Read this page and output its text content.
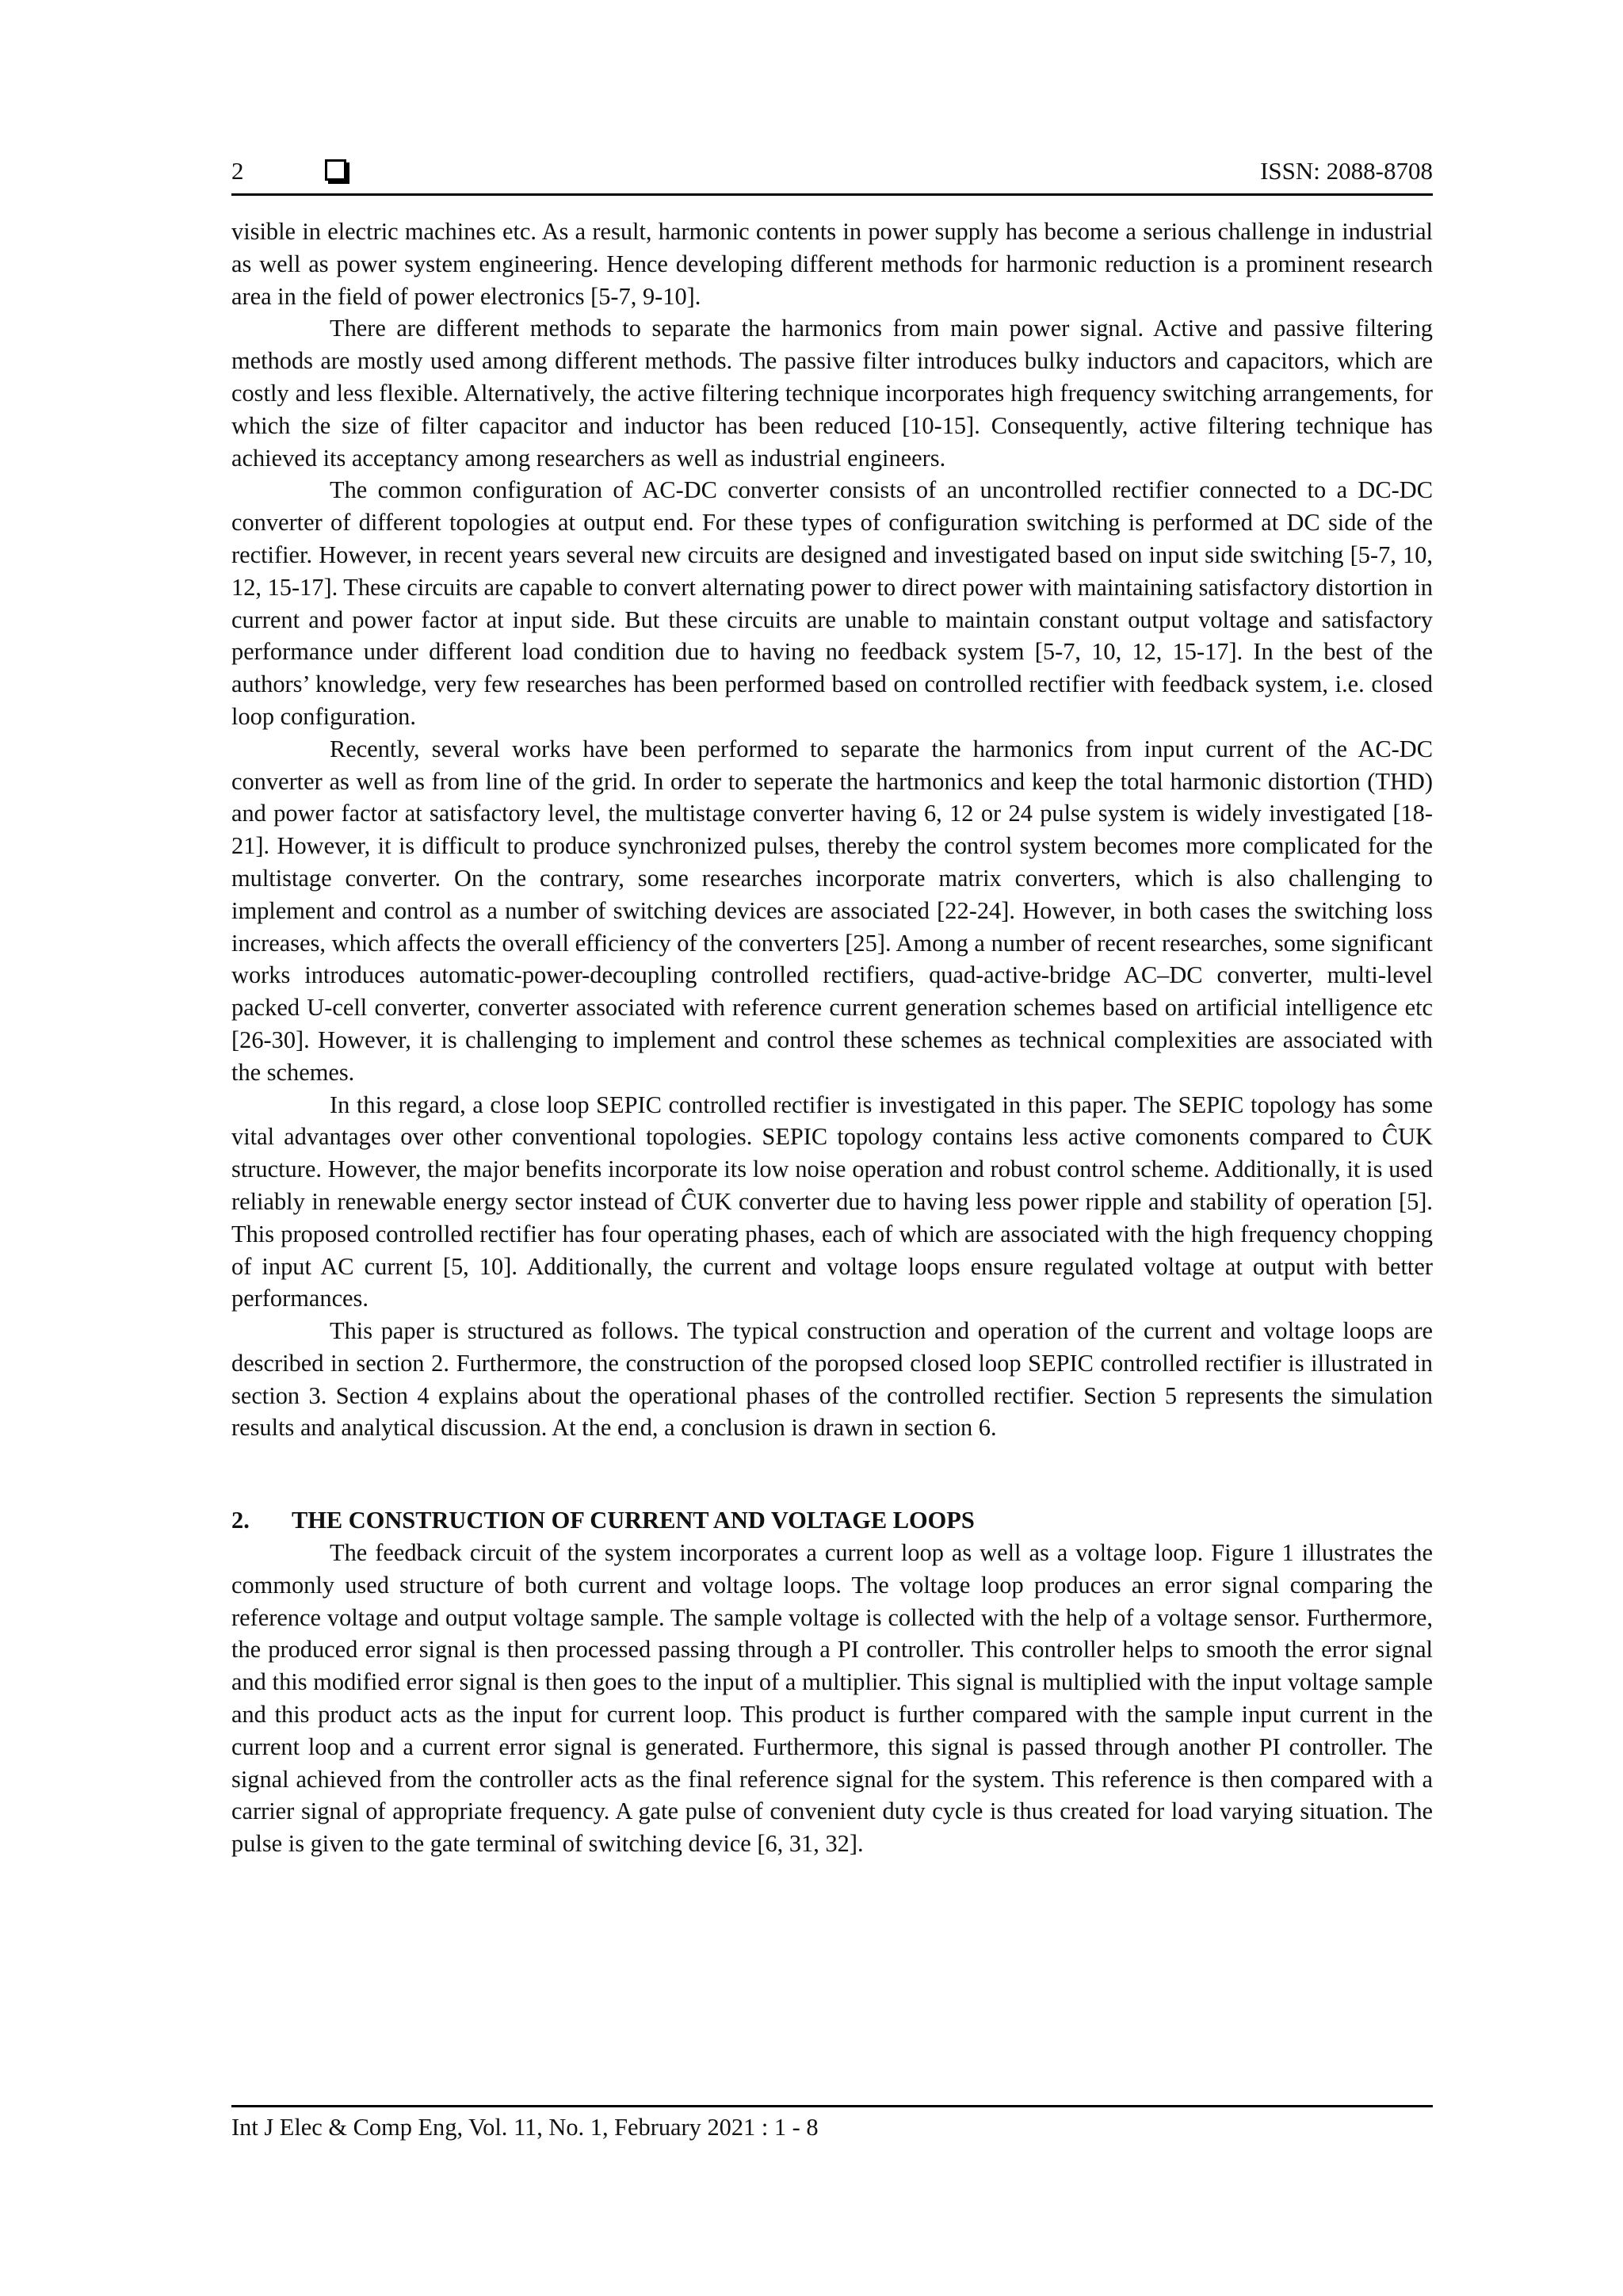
2	ISSN: 2088-8708

visible in electric machines etc. As a result, harmonic contents in power supply has become a serious challenge in industrial as well as power system engineering. Hence developing different methods for harmonic reduction is a prominent research area in the field of power electronics [5-7, 9-10].

There are different methods to separate the harmonics from main power signal. Active and passive filtering methods are mostly used among different methods. The passive filter introduces bulky inductors and capacitors, which are costly and less flexible. Alternatively, the active filtering technique incorporates high frequency switching arrangements, for which the size of filter capacitor and inductor has been reduced [10-15]. Consequently, active filtering technique has achieved its acceptancy among researchers as well as industrial engineers.

The common configuration of AC-DC converter consists of an uncontrolled rectifier connected to a DC-DC converter of different topologies at output end. For these types of configuration switching is performed at DC side of the rectifier. However, in recent years several new circuits are designed and investigated based on input side switching [5-7, 10, 12, 15-17]. These circuits are capable to convert alternating power to direct power with maintaining satisfactory distortion in current and power factor at input side. But these circuits are unable to maintain constant output voltage and satisfactory performance under different load condition due to having no feedback system [5-7, 10, 12, 15-17]. In the best of the authors’ knowledge, very few researches has been performed based on controlled rectifier with feedback system, i.e. closed loop configuration.

Recently, several works have been performed to separate the harmonics from input current of the AC-DC converter as well as from line of the grid. In order to seperate the hartmonics and keep the total harmonic distortion (THD) and power factor at satisfactory level, the multistage converter having 6, 12 or 24 pulse system is widely investigated [18-21]. However, it is difficult to produce synchronized pulses, thereby the control system becomes more complicated for the multistage converter. On the contrary, some researches incorporate matrix converters, which is also challenging to implement and control as a number of switching devices are associated [22-24]. However, in both cases the switching loss increases, which affects the overall efficiency of the converters [25]. Among a number of recent researches, some significant works introduces automatic-power-decoupling controlled rectifiers, quad-active-bridge AC–DC converter, multi-level packed U-cell converter, converter associated with reference current generation schemes based on artificial intelligence etc [26-30]. However, it is challenging to implement and control these schemes as technical complexities are associated with the schemes.

In this regard, a close loop SEPIC controlled rectifier is investigated in this paper. The SEPIC topology has some vital advantages over other conventional topologies. SEPIC topology contains less active comonents compared to ĈUK structure. However, the major benefits incorporate its low noise operation and robust control scheme. Additionally, it is used reliably in renewable energy sector instead of ĈUK converter due to having less power ripple and stability of operation [5]. This proposed controlled rectifier has four operating phases, each of which are associated with the high frequency chopping of input AC current [5, 10]. Additionally, the current and voltage loops ensure regulated voltage at output with better performances.

This paper is structured as follows. The typical construction and operation of the current and voltage loops are described in section 2. Furthermore, the construction of the poropsed closed loop SEPIC controlled rectifier is illustrated in section 3. Section 4 explains about the operational phases of the controlled rectifier. Section 5 represents the simulation results and analytical discussion. At the end, a conclusion is drawn in section 6.

2. THE CONSTRUCTION OF CURRENT AND VOLTAGE LOOPS

The feedback circuit of the system incorporates a current loop as well as a voltage loop. Figure 1 illustrates the commonly used structure of both current and voltage loops. The voltage loop produces an error signal comparing the reference voltage and output voltage sample. The sample voltage is collected with the help of a voltage sensor. Furthermore, the produced error signal is then processed passing through a PI controller. This controller helps to smooth the error signal and this modified error signal is then goes to the input of a multiplier. This signal is multiplied with the input voltage sample and this product acts as the input for current loop. This product is further compared with the sample input current in the current loop and a current error signal is generated. Furthermore, this signal is passed through another PI controller. The signal achieved from the controller acts as the final reference signal for the system. This reference is then compared with a carrier signal of appropriate frequency. A gate pulse of convenient duty cycle is thus created for load varying situation. The pulse is given to the gate terminal of switching device [6, 31, 32].

Int J Elec & Comp Eng, Vol. 11, No. 1, February 2021 : 1 - 8
